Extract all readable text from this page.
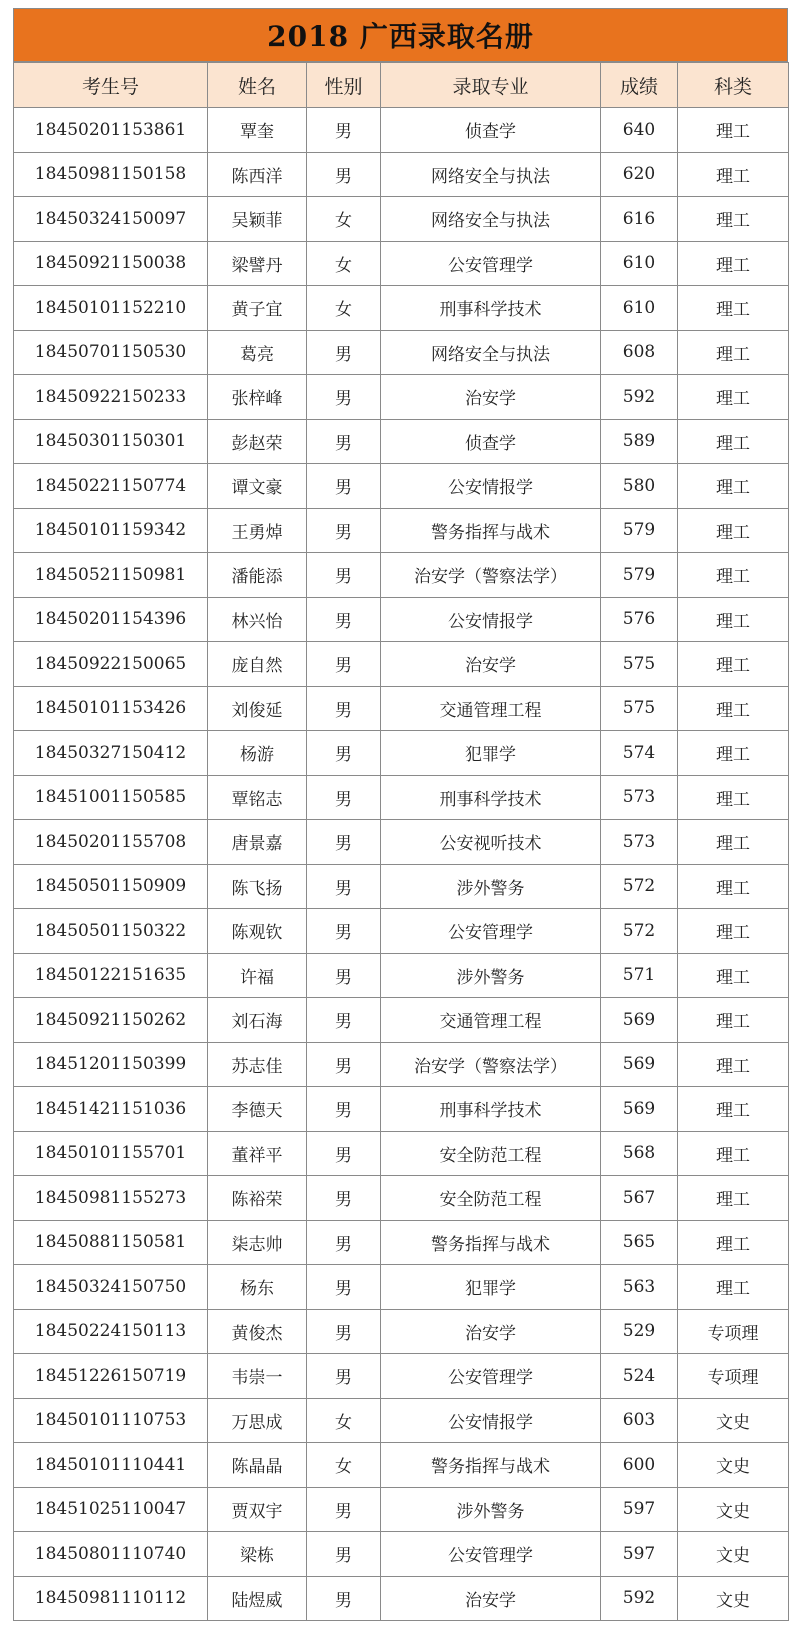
2018 广西录取名册
考生号	姓名	性别	录取专业	成绩	科类
18450201153861	覃奎	男	侦查学	640	理工
18450981150158	陈西洋	男	网络安全与执法	620	理工
18450324150097	吴颖菲	女	网络安全与执法	616	理工
18450921150038	梁譬丹	女	公安管理学	610	理工
18450101152210	黄子宜	女	刑事科学技术	610	理工
18450701150530	葛亮	男	网络安全与执法	608	理工
18450922150233	张梓峰	男	治安学	592	理工
18450301150301	彭赵荣	男	侦查学	589	理工
18450221150774	谭文豪	男	公安情报学	580	理工
18450101159342	王勇焯	男	警务指挥与战术	579	理工
18450521150981	潘能添	男	治安学（警察法学）	579	理工
18450201154396	林兴怡	男	公安情报学	576	理工
18450922150065	庞自然	男	治安学	575	理工
18450101153426	刘俊延	男	交通管理工程	575	理工
18450327150412	杨游	男	犯罪学	574	理工
18451001150585	覃铭志	男	刑事科学技术	573	理工
18450201155708	唐景嘉	男	公安视听技术	573	理工
18450501150909	陈飞扬	男	涉外警务	572	理工
18450501150322	陈观钦	男	公安管理学	572	理工
18450122151635	许福	男	涉外警务	571	理工
18450921150262	刘石海	男	交通管理工程	569	理工
18451201150399	苏志佳	男	治安学（警察法学）	569	理工
18451421151036	李德天	男	刑事科学技术	569	理工
18450101155701	董祥平	男	安全防范工程	568	理工
18450981155273	陈裕荣	男	安全防范工程	567	理工
18450881150581	柒志帅	男	警务指挥与战术	565	理工
18450324150750	杨东	男	犯罪学	563	理工
18450224150113	黄俊杰	男	治安学	529	专项理
18451226150719	韦崇一	男	公安管理学	524	专项理
18450101110753	万思成	女	公安情报学	603	文史
18450101110441	陈晶晶	女	警务指挥与战术	600	文史
18451025110047	贾双宇	男	涉外警务	597	文史
18450801110740	梁栋	男	公安管理学	597	文史
18450981110112	陆煜威	男	治安学	592	文史
